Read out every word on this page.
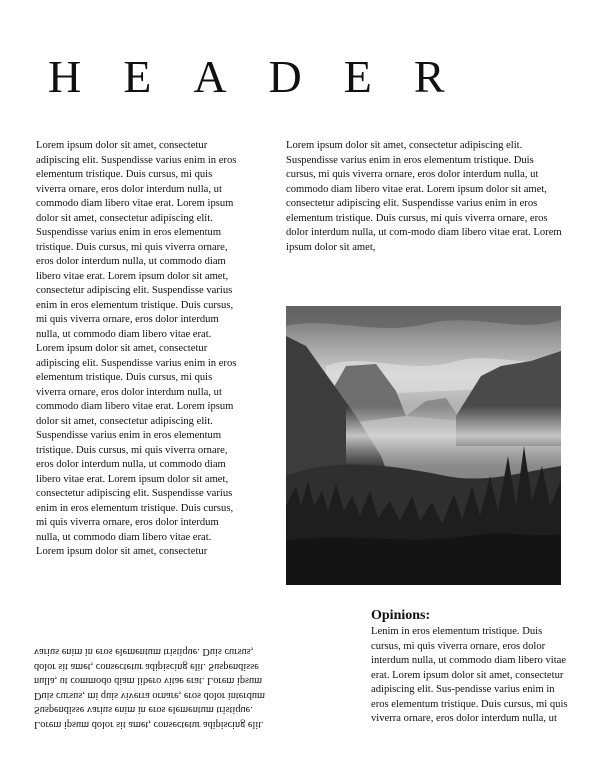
HEADER

Lorem ipsum dolor sit amet, consectetur adipiscing elit. Suspendisse varius enim in eros elementum tristique. Duis cursus, mi quis viverra ornare, eros dolor interdum nulla, ut commodo diam libero vitae erat. Lorem ipsum dolor sit amet, consectetur adipiscing elit. Suspendisse varius enim in eros elementum tristique. Duis cursus, mi quis viverra ornare, eros dolor interdum nulla, ut commodo diam libero vitae erat. Lorem ipsum dolor sit amet, consectetur adipiscing elit. Suspendisse varius enim in eros elementum tristique. Duis cursus, mi quis viverra ornare, eros dolor interdum nulla, ut commodo diam libero vitae erat. Lorem ipsum dolor sit amet, consectetur adipiscing elit. Suspendisse varius enim in eros elementum tristique. Duis cursus, mi quis viverra ornare, eros dolor interdum nulla, ut commodo diam libero vitae erat. Lorem ipsum dolor sit amet, consectetur adipiscing elit. Suspendisse varius enim in eros elementum tristique. Duis cursus, mi quis viverra ornare, eros dolor interdum nulla, ut commodo diam libero vitae erat. Lorem ipsum dolor sit amet, consectetur adipiscing elit. Suspendisse varius enim in eros elementum tristique. Duis cursus, mi quis viverra ornare, eros dolor interdum nulla, ut commodo diam libero vitae erat. Lorem ipsum dolor sit amet, consectetur

Lorem ipsum dolor sit amet, consectetur adipiscing elit. Suspendisse varius enim in eros elementum tristique. Duis cursus, mi quis viverra ornare, eros dolor interdum nulla, ut commodo diam libero vitae erat. Lorem ipsum dolor sit amet, consectetur adipiscing elit. Suspendisse varius enim in eros elementum tristique. Duis cursus, mi quis viverra ornare, eros dolor interdum nulla, ut com-modo diam libero vitae erat. Lorem ipsum dolor sit amet,

Opinions:

Lenim in eros elementum tristique. Duis cursus, mi quis viverra ornare, eros dolor interdum nulla, ut commodo diam libero vitae erat. Lorem ipsum dolor sit amet, consectetur adipiscing elit. Sus-pendisse varius enim in eros elementum tristique. Duis cursus, mi quis viverra ornare, eros dolor interdum nulla, ut

Lorem ipsum dolor sit amet, consectetur adipiscing elit.

Suspendisse varius enim in eros elementum tristique.

Duis cursus, mi quis viverra ornare, eros dolor interdum

nulla, ut commodo diam libero vitae erat. Lorem ipsum

dolor sit amet, consectetur adipiscing elit. Suspendisse

varius enim in eros elementum tristique. Duis cursus,
